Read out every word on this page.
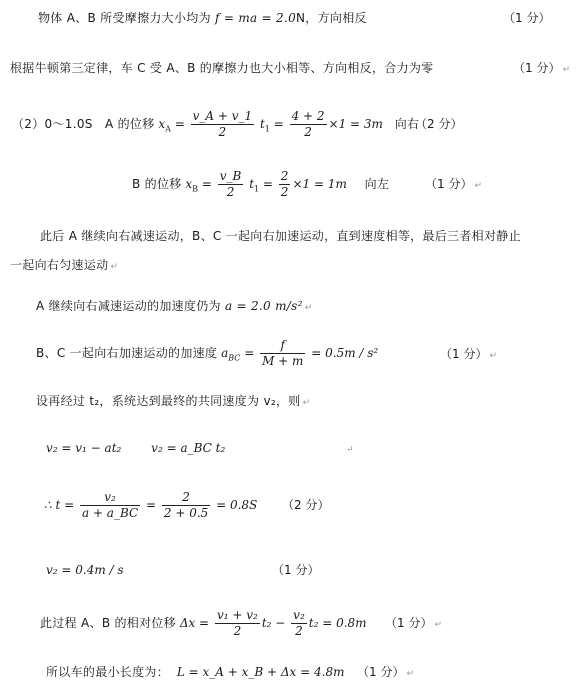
物体 A、B 所受摩擦力大小均为 f = ma = 2.0N，方向相反	（1 分）
根据牛顿第三定律，车 C 受 A、B 的摩擦力也大小相等、方向相反，合力为零	（1 分） ↵
（2）0～1.0S　A 的位移 $x_A = \frac{v\_A + v\_1}{2} t_1 = \frac{4 + 2}{2} \times 1 = 3m$ 向右
（2 分）
B 的位移 $x_B = \frac{v\_B}{2} t_1 = \frac{2}{2} \times 1 = 1m$ 向左	（1 分） ↵
此后 A 继续向右减速运动，B、C 一起向右加速运动，直到速度相等，最后三者相对静止
一起向右匀速运动 ↵
A 继续向右减速运动的加速度仍为 a = 2.0 m/s² ↵
B、C 一起向右加速运动的加速度 $a_{BC} = \frac{f}{M + m} = 0.5m / s^2$	（1 分） ↵
设再经过 t₂，系统达到最终的共同速度为 v₂，则 ↵
v₂ = v₁ − at₂ v₂ = a_BC t₂	↵
∴ $t = \frac{\text{v₂}}{a + a\_BC} = \frac{2}{2 + 0.5} = 0.8S$ （2 分）
v₂ = 0.4m / s	（1 分）
此过程 A、B 的相对位移 $\Delta x = \frac{\text{v₁ + v₂}}{2} t_2 - \frac{\text{v₂}}{2} t_2 = 0.8m$ （1 分） ↵
所以车的最小长度为： L = x_A + x_B + Δx = 4.8m （1 分） ↵
